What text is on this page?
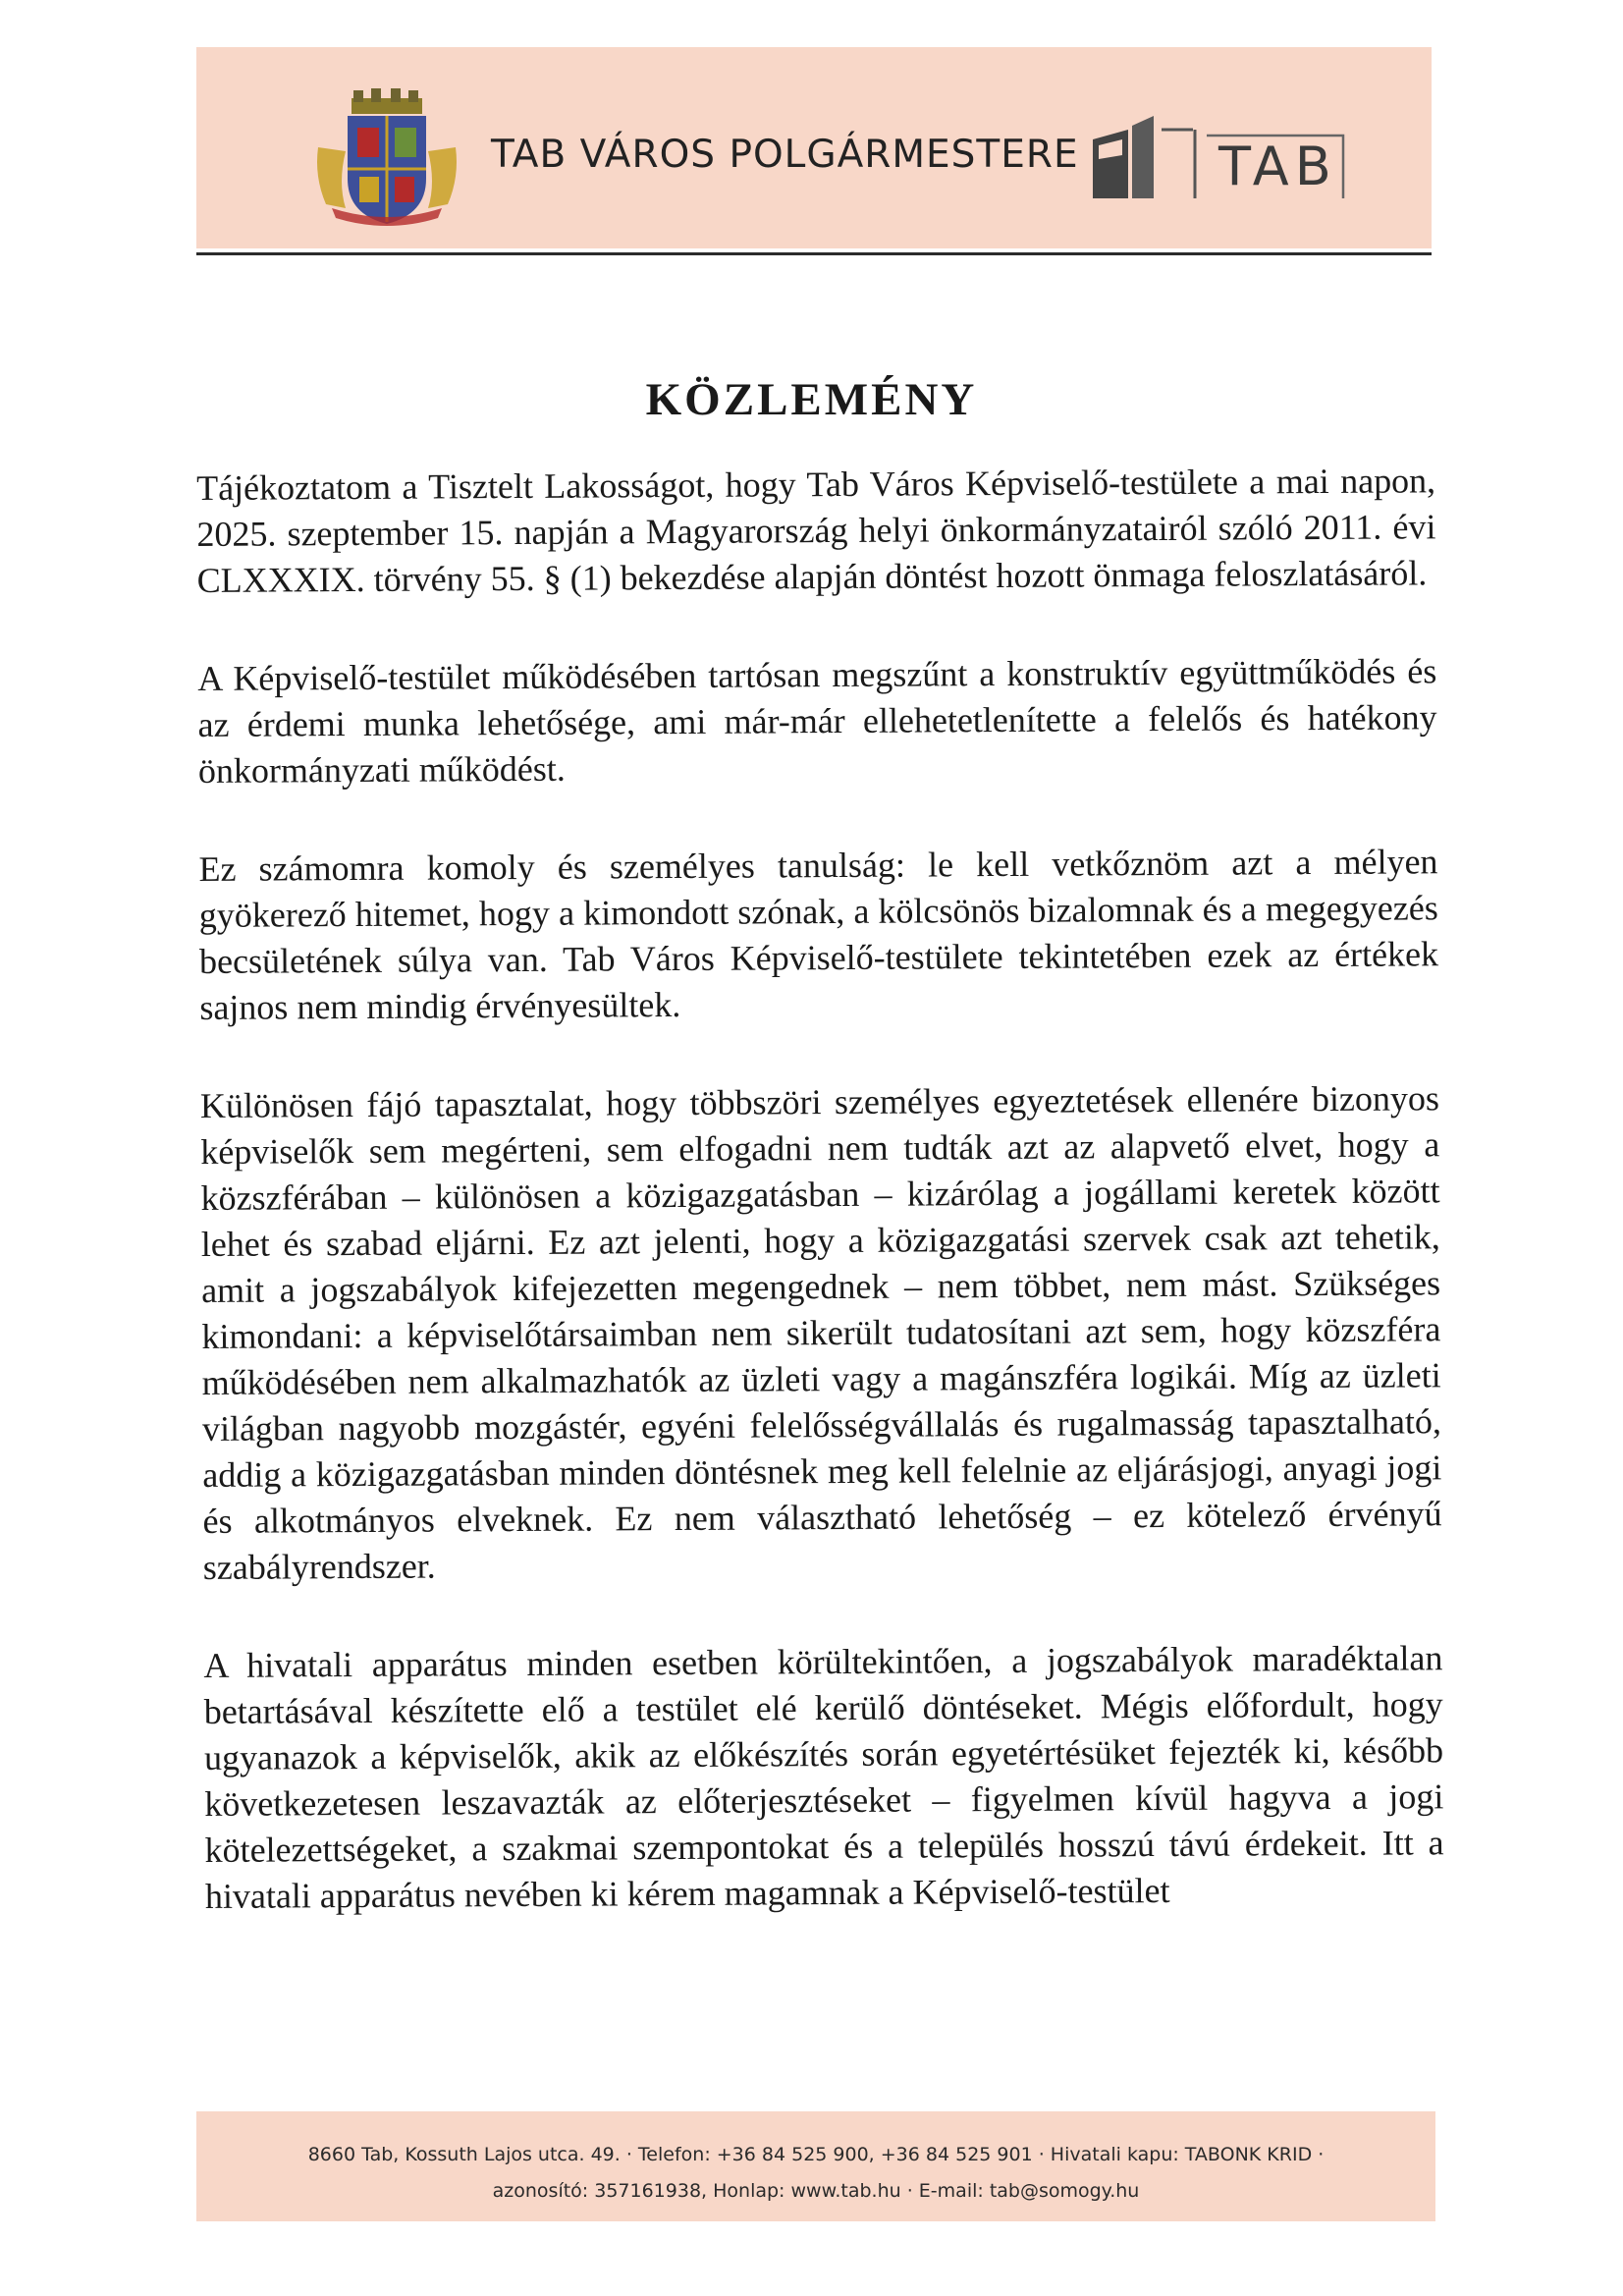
TAB VÁROS POLGÁRMESTERE	TAB
KÖZLEMÉNY

Tájékoztatom a Tisztelt Lakosságot, hogy Tab Város Képviselő-testülete a mai napon, 2025. szeptember 15. napján a Magyarország helyi önkormányzatairól szóló 2011. évi CLXXXIX. törvény 55. § (1) bekezdése alapján döntést hozott önmaga feloszlatásáról.

A Képviselő-testület működésében tartósan megszűnt a konstruktív együttműködés és az érdemi munka lehetősége, ami már-már ellehetetlenítette a felelős és hatékony önkormányzati működést.

Ez számomra komoly és személyes tanulság: le kell vetkőznöm azt a mélyen gyökerező hitemet, hogy a kimondott szónak, a kölcsönös bizalomnak és a megegyezés becsületének súlya van. Tab Város Képviselő-testülete tekintetében ezek az értékek sajnos nem mindig érvényesültek.

Különösen fájó tapasztalat, hogy többszöri személyes egyeztetések ellenére bizonyos képviselők sem megérteni, sem elfogadni nem tudták azt az alapvető elvet, hogy a közszférában – különösen a közigazgatásban – kizárólag a jogállami keretek között lehet és szabad eljárni. Ez azt jelenti, hogy a közigazgatási szervek csak azt tehetik, amit a jogszabályok kifejezetten megengednek – nem többet, nem mást. Szükséges kimondani: a képviselőtársaimban nem sikerült tudatosítani azt sem, hogy közszféra működésében nem alkalmazhatók az üzleti vagy a magánszféra logikái. Míg az üzleti világban nagyobb mozgástér, egyéni felelősségvállalás és rugalmasság tapasztalható, addig a közigazgatásban minden döntésnek meg kell felelnie az eljárásjogi, anyagi jogi és alkotmányos elveknek. Ez nem választható lehetőség – ez kötelező érvényű szabályrendszer.

A hivatali apparátus minden esetben körültekintően, a jogszabályok maradéktalan betartásával készítette elő a testület elé kerülő döntéseket. Mégis előfordult, hogy ugyanazok a képviselők, akik az előkészítés során egyetértésüket fejezték ki, később következetesen leszavazták az előterjesztéseket – figyelmen kívül hagyva a jogi kötelezettségeket, a szakmai szempontokat és a település hosszú távú érdekeit. Itt a hivatali apparátus nevében ki kérem magamnak a Képviselő-testület

8660 Tab, Kossuth Lajos utca. 49. · Telefon: +36 84 525 900, +36 84 525 901 · Hivatali kapu: TABONK KRID ·
azonosító: 357161938, Honlap: www.tab.hu · E-mail: tab@somogy.hu
